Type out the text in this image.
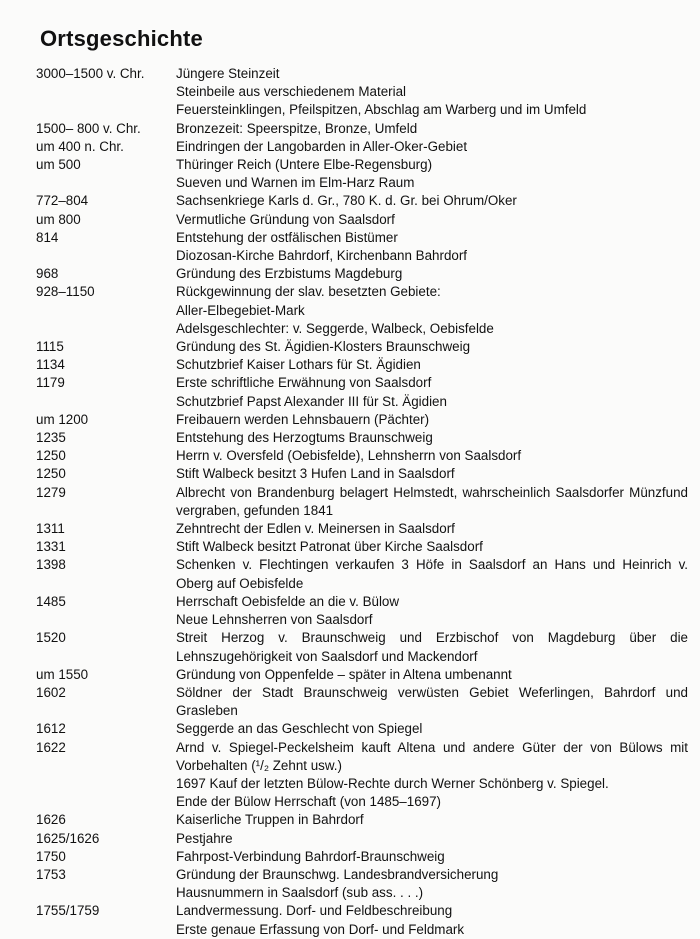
Ortsgeschichte
3000–1500 v. Chr.	Jüngere Steinzeit
Steinbeile aus verschiedenem Material
Feuersteinklingen, Pfeilspitzen, Abschlag am Warberg und im Umfeld
1500– 800 v. Chr.	Bronzezeit: Speerspitze, Bronze, Umfeld
um 400 n. Chr.	Eindringen der Langobarden in Aller-Oker-Gebiet
um 500	Thüringer Reich (Untere Elbe-Regensburg)
Sueven und Warnen im Elm-Harz Raum
772–804	Sachsenkriege Karls d. Gr., 780 K. d. Gr. bei Ohrum/Oker
um 800	Vermutliche Gründung von Saalsdorf
814	Entstehung der ostfälischen Bistümer
Diozosan-Kirche Bahrdorf, Kirchenbann Bahrdorf
968	Gründung des Erzbistums Magdeburg
928–1150	Rückgewinnung der slav. besetzten Gebiete:
Aller-Elbegebiet-Mark
Adelsgeschlechter: v. Seggerde, Walbeck, Oebisfelde
1115	Gründung des St. Ägidien-Klosters Braunschweig
1134	Schutzbrief Kaiser Lothars für St. Ägidien
1179	Erste schriftliche Erwähnung von Saalsdorf
Schutzbrief Papst Alexander III für St. Ägidien
um 1200	Freibauern werden Lehnsbauern (Pächter)
1235	Entstehung des Herzogtums Braunschweig
1250	Herrn v. Oversfeld (Oebisfelde), Lehnsherrn von Saalsdorf
1250	Stift Walbeck besitzt 3 Hufen Land in Saalsdorf
1279	Albrecht von Brandenburg belagert Helmstedt, wahrscheinlich Saalsdorfer Münzfund vergraben, gefunden 1841
1311	Zehntrecht der Edlen v. Meinersen in Saalsdorf
1331	Stift Walbeck besitzt Patronat über Kirche Saalsdorf
1398	Schenken v. Flechtingen verkaufen 3 Höfe in Saalsdorf an Hans und Heinrich v. Oberg auf Oebisfelde
1485	Herrschaft Oebisfelde an die v. Bülow
Neue Lehnsherren von Saalsdorf
1520	Streit Herzog v. Braunschweig und Erzbischof von Magdeburg über die Lehnszugehörigkeit von Saalsdorf und Mackendorf
um 1550	Gründung von Oppenfelde – später in Altena umbenannt
1602	Söldner der Stadt Braunschweig verwüsten Gebiet Weferlingen, Bahrdorf und Grasleben
1612	Seggerde an das Geschlecht von Spiegel
1622	Arnd v. Spiegel-Peckelsheim kauft Altena und andere Güter der von Bülows mit Vorbehalten (¹/₂ Zehnt usw.)
1697 Kauf der letzten Bülow-Rechte durch Werner Schönberg v. Spiegel.
Ende der Bülow Herrschaft (von 1485–1697)
1626	Kaiserliche Truppen in Bahrdorf
1625/1626	Pestjahre
1750	Fahrpost-Verbindung Bahrdorf-Braunschweig
1753	Gründung der Braunschwg. Landesbrandversicherung
Hausnummern in Saalsdorf (sub ass. . . .)
1755/1759	Landvermessung. Dorf- und Feldbeschreibung
Erste genaue Erfassung von Dorf- und Feldmark
